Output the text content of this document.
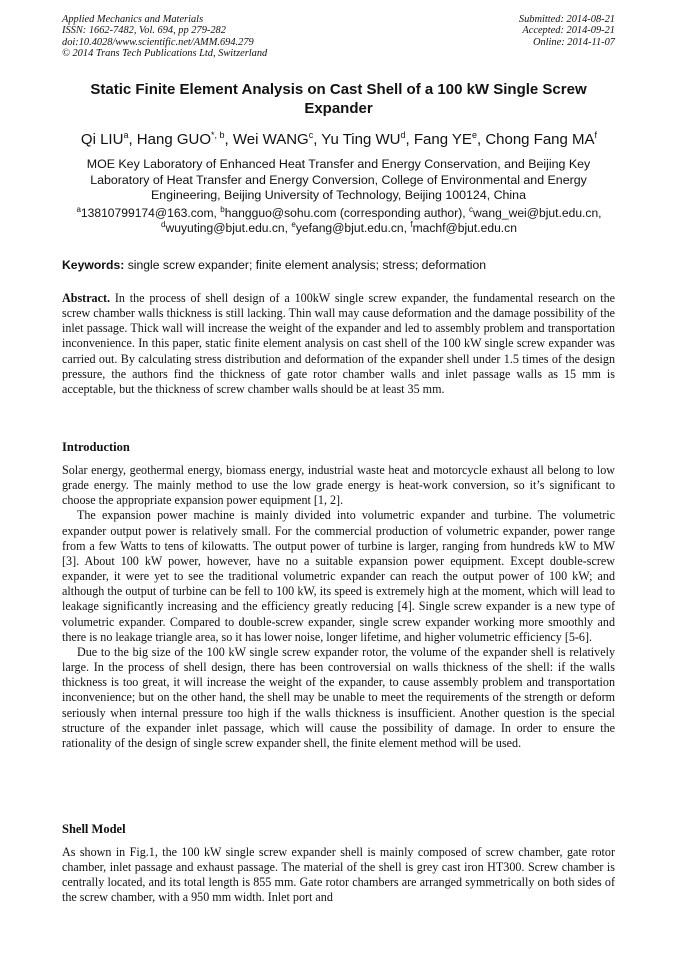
Applied Mechanics and Materials
ISSN: 1662-7482, Vol. 694, pp 279-282
doi:10.4028/www.scientific.net/AMM.694.279
© 2014 Trans Tech Publications Ltd, Switzerland
Submitted: 2014-08-21
Accepted: 2014-09-21
Online: 2014-11-07
Static Finite Element Analysis on Cast Shell of a 100 kW Single Screw Expander
Qi LIU$^a$, Hang $GUO^{*, b}$, Wei WANG$^c$, Yu Ting $WU^d$, Fang $YE^e$, Chong Fang $MA^f$
MOE Key Laboratory of Enhanced Heat Transfer and Energy Conservation, and Beijing Key Laboratory of Heat Transfer and Energy Conversion, College of Environmental and Energy Engineering, Beijing University of Technology, Beijing 100124, China
$^a$13810799174@163.com, $^b$hangguo@sohu.com (corresponding author), $^c$wang_wei@bjut.edu.cn,
$^d$wuyuting@bjut.edu.cn, $^e$yefang@bjut.edu.cn, $^f$machf@bjut.edu.cn
Keywords: single screw expander; finite element analysis; stress; deformation
Abstract. In the process of shell design of a 100kW single screw expander, the fundamental research on the screw chamber walls thickness is still lacking. Thin wall may cause deformation and the damage possibility of the inlet passage. Thick wall will increase the weight of the expander and led to assembly problem and transportation inconvenience. In this paper, static finite element analysis on cast shell of the 100 kW single screw expander was carried out. By calculating stress distribution and deformation of the expander shell under 1.5 times of the design pressure, the authors find the thickness of gate rotor chamber walls and inlet passage walls as 15 mm is acceptable, but the thickness of screw chamber walls should be at least 35 mm.
Introduction

Solar energy, geothermal energy, biomass energy, industrial waste heat and motorcycle exhaust all belong to low grade energy. The mainly method to use the low grade energy is heat-work conversion, so it’s significant to choose the appropriate expansion power equipment [1, 2].

The expansion power machine is mainly divided into volumetric expander and turbine. The volumetric expander output power is relatively small. For the commercial production of volumetric expander, power range from a few Watts to tens of kilowatts. The output power of turbine is larger, ranging from hundreds kW to MW [3]. About 100 kW power, however, have no a suitable expansion power equipment. Except double-screw expander, it were yet to see the traditional volumetric expander can reach the output power of 100 kW; and although the output of turbine can be fell to 100 kW, its speed is extremely high at the moment, which will lead to leakage significantly increasing and the efficiency greatly reducing [4]. Single screw expander is a new type of volumetric expander. Compared to double-screw expander, single screw expander working more smoothly and there is no leakage triangle area, so it has lower noise, longer lifetime, and higher volumetric efficiency [5-6].

Due to the big size of the 100 kW single screw expander rotor, the volume of the expander shell is relatively large. In the process of shell design, there has been controversial on walls thickness of the shell: if the walls thickness is too great, it will increase the weight of the expander, to cause assembly problem and transportation inconvenience; but on the other hand, the shell may be unable to meet the requirements of the strength or deform seriously when internal pressure too high if the walls thickness is insufficient. Another question is the special structure of the expander inlet passage, which will cause the possibility of damage. In order to ensure the rationality of the design of single screw expander shell, the finite element method will be used.

Shell Model

As shown in Fig.1, the 100 kW single screw expander shell is mainly composed of screw chamber, gate rotor chamber, inlet passage and exhaust passage. The material of the shell is grey cast iron HT300. Screw chamber is centrally located, and its total length is 855 mm. Gate rotor chambers are arranged symmetrically on both sides of the screw chamber, with a 950 mm width. Inlet port and
